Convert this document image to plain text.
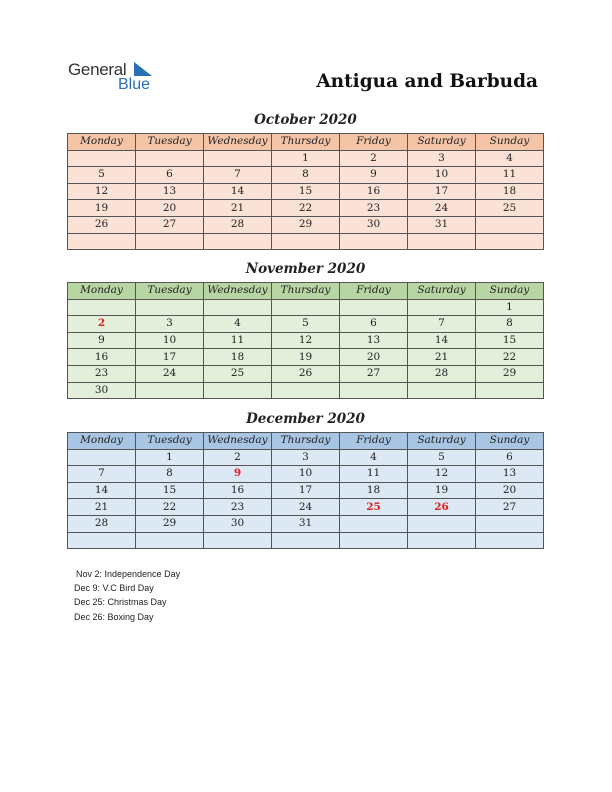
General
Blue	Antigua and Barbuda
October 2020
Monday	Tuesday	Wednesday	Thursday	Friday	Saturday	Sunday
			1	2	3	4
5	6	7	8	9	10	11
12	13	14	15	16	17	18
19	20	21	22	23	24	25
26	27	28	29	30	31	

November 2020
Monday	Tuesday	Wednesday	Thursday	Friday	Saturday	Sunday
						1
2	3	4	5	6	7	8
9	10	11	12	13	14	15
16	17	18	19	20	21	22
23	24	25	26	27	28	29
30						
December 2020
Monday	Tuesday	Wednesday	Thursday	Friday	Saturday	Sunday
	1	2	3	4	5	6
7	8	9	10	11	12	13
14	15	16	17	18	19	20
21	22	23	24	25	26	27
28	29	30	31			

Nov 2: Independence Day
Dec 9: V.C Bird Day
Dec 25: Christmas Day
Dec 26: Boxing Day
